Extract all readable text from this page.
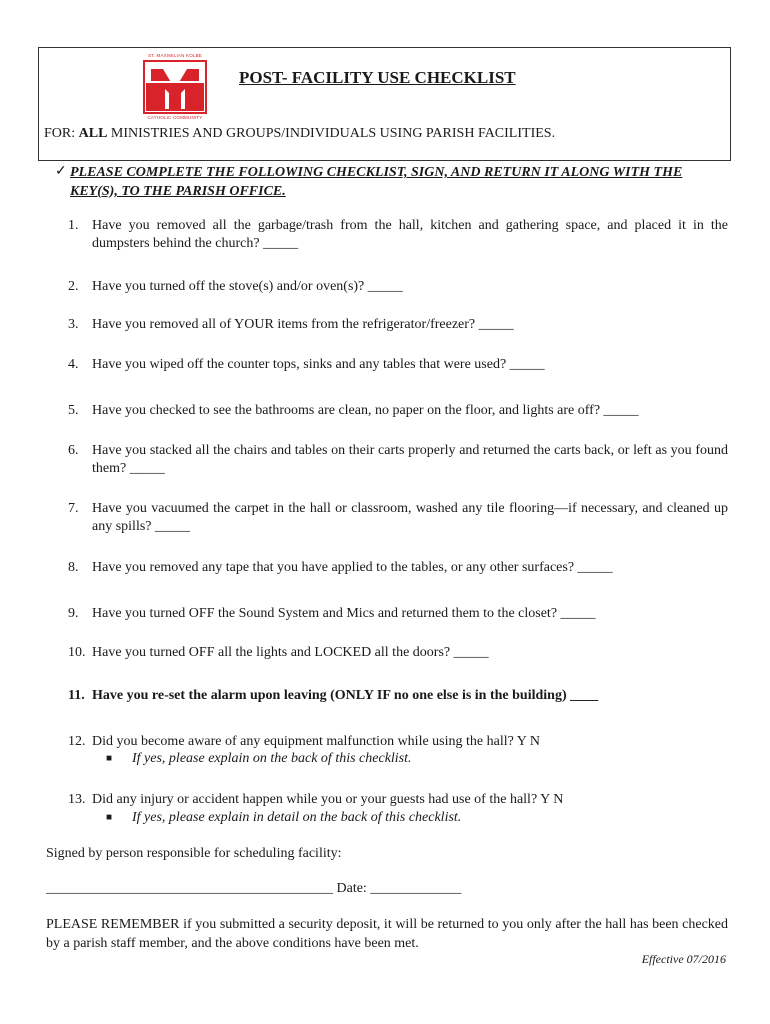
ST. MAXIMILIAN KOLBE
CATHOLIC COMMUNITY
POST- FACILITY USE CHECKLIST
FOR: ALL MINISTRIES AND GROUPS/INDIVIDUALS USING PARISH FACILITIES.
✓ PLEASE COMPLETE THE FOLLOWING CHECKLIST, SIGN, AND RETURN IT ALONG WITH THE KEY(S), TO THE PARISH OFFICE.
1. Have you removed all the garbage/trash from the hall, kitchen and gathering space, and placed it in the dumpsters behind the church? _____
2. Have you turned off the stove(s) and/or oven(s)? _____
3. Have you removed all of YOUR items from the refrigerator/freezer? _____
4. Have you wiped off the counter tops, sinks and any tables that were used? _____
5. Have you checked to see the bathrooms are clean, no paper on the floor, and lights are off? _____
6. Have you stacked all the chairs and tables on their carts properly and returned the carts back, or left as you found them? _____
7. Have you vacuumed the carpet in the hall or classroom, washed any tile flooring—if necessary, and cleaned up any spills? _____
8. Have you removed any tape that you have applied to the tables, or any other surfaces? _____
9. Have you turned OFF the Sound System and Mics and returned them to the closet? _____
10. Have you turned OFF all the lights and LOCKED all the doors? _____
11. Have you re-set the alarm upon leaving (ONLY IF no one else is in the building) ____
12. Did you become aware of any equipment malfunction while using the hall? Y N
■ If yes, please explain on the back of this checklist.
13. Did any injury or accident happen while you or your guests had use of the hall? Y N
■ If yes, please explain in detail on the back of this checklist.
Signed by person responsible for scheduling facility:
_________________________________________ Date: _____________
PLEASE REMEMBER if you submitted a security deposit, it will be returned to you only after the hall has been checked by a parish staff member, and the above conditions have been met.
Effective 07/2016
